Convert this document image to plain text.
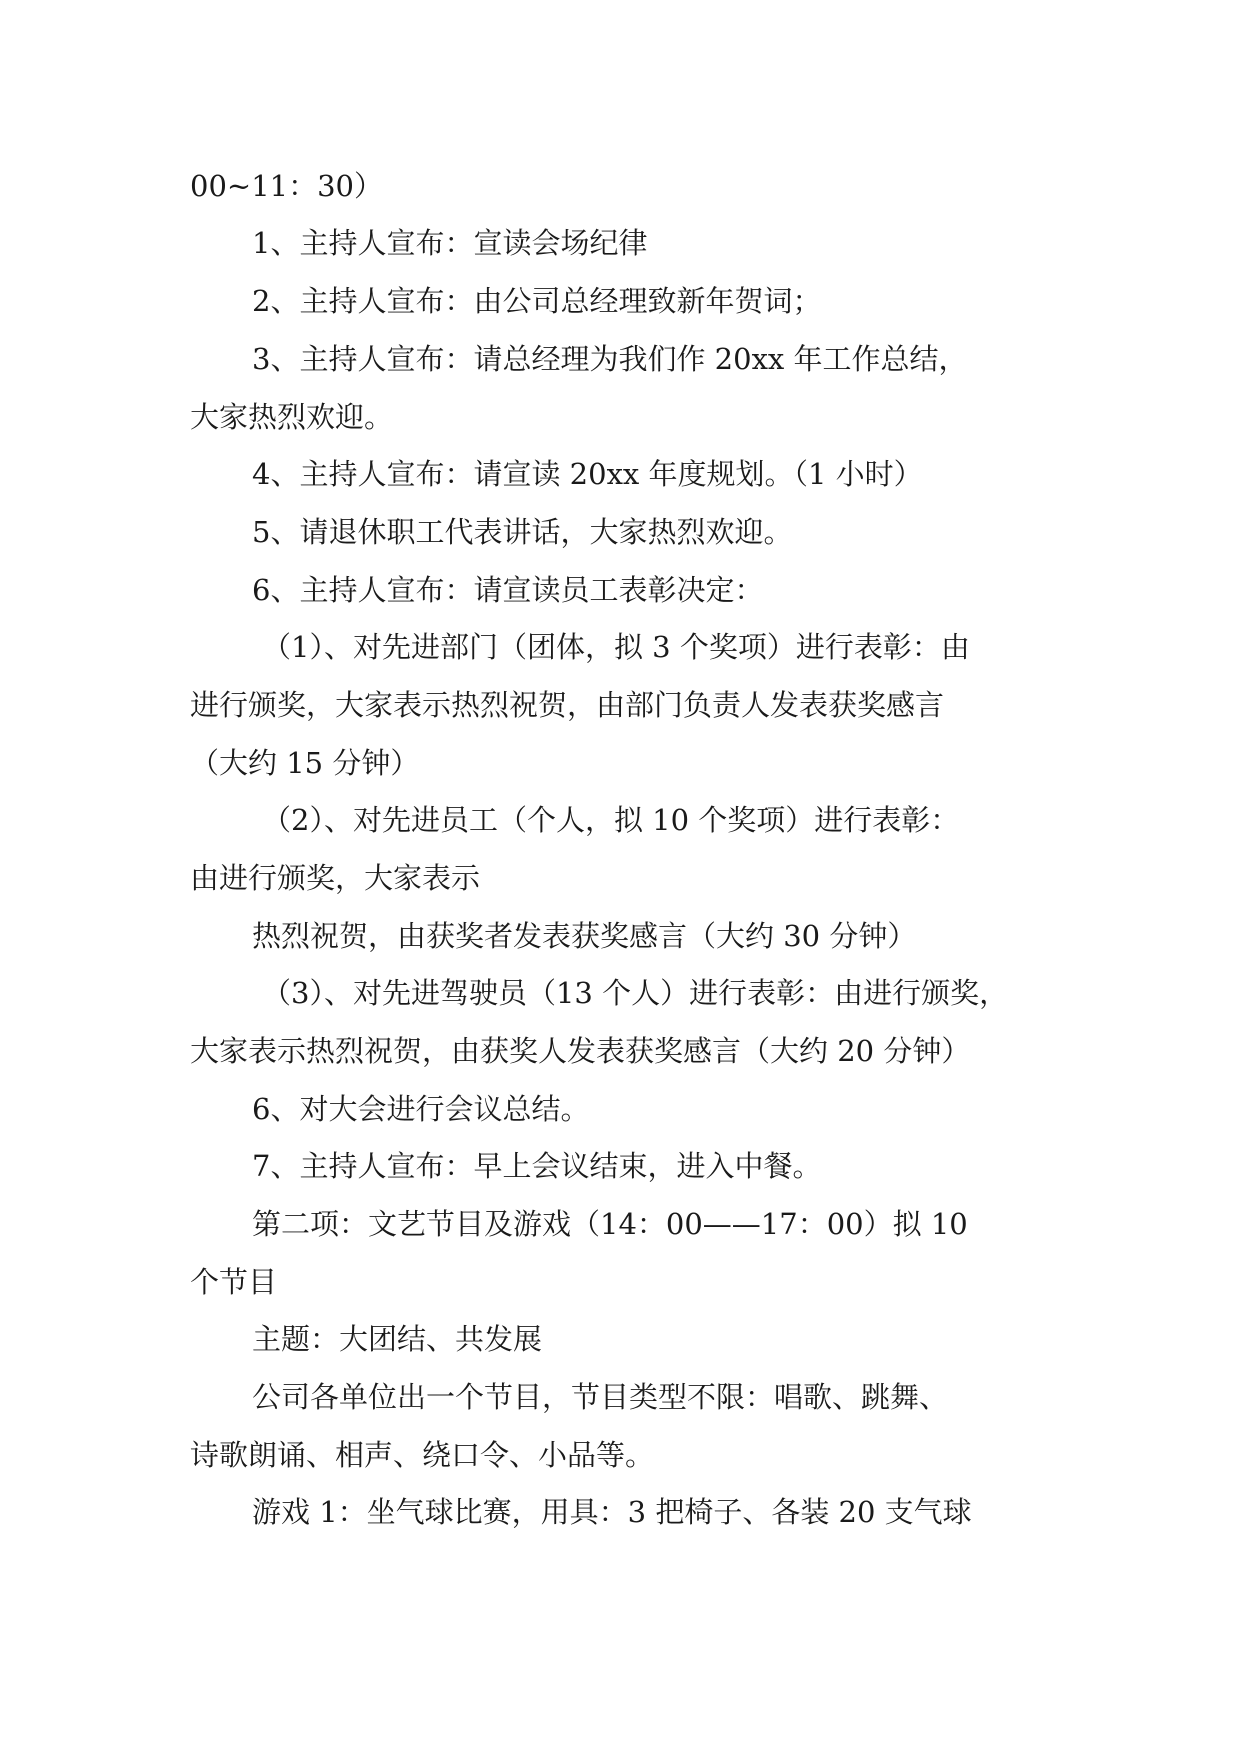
00~11：30）
1、主持人宣布：宣读会场纪律
2、主持人宣布：由公司总经理致新年贺词；
3、主持人宣布：请总经理为我们作 20xx 年工作总结，
大家热烈欢迎。
4、主持人宣布：请宣读 20xx 年度规划。（1 小时）
5、请退休职工代表讲话，大家热烈欢迎。
6、主持人宣布：请宣读员工表彰决定：
（1）、对先进部门（团体，拟 3 个奖项）进行表彰：由
进行颁奖，大家表示热烈祝贺，由部门负责人发表获奖感言
（大约 15 分钟）
（2）、对先进员工（个人，拟 10 个奖项）进行表彰：
由进行颁奖，大家表示
热烈祝贺，由获奖者发表获奖感言（大约 30 分钟）
（3）、对先进驾驶员（13 个人）进行表彰：由进行颁奖，
大家表示热烈祝贺，由获奖人发表获奖感言（大约 20 分钟）
6、对大会进行会议总结。
7、主持人宣布：早上会议结束，进入中餐。
第二项：文艺节目及游戏（14：00——17：00）拟 10
个节目
主题：大团结、共发展
公司各单位出一个节目，节目类型不限：唱歌、跳舞、
诗歌朗诵、相声、绕口令、小品等。
游戏 1：坐气球比赛，用具：3 把椅子、各装 20 支气球
